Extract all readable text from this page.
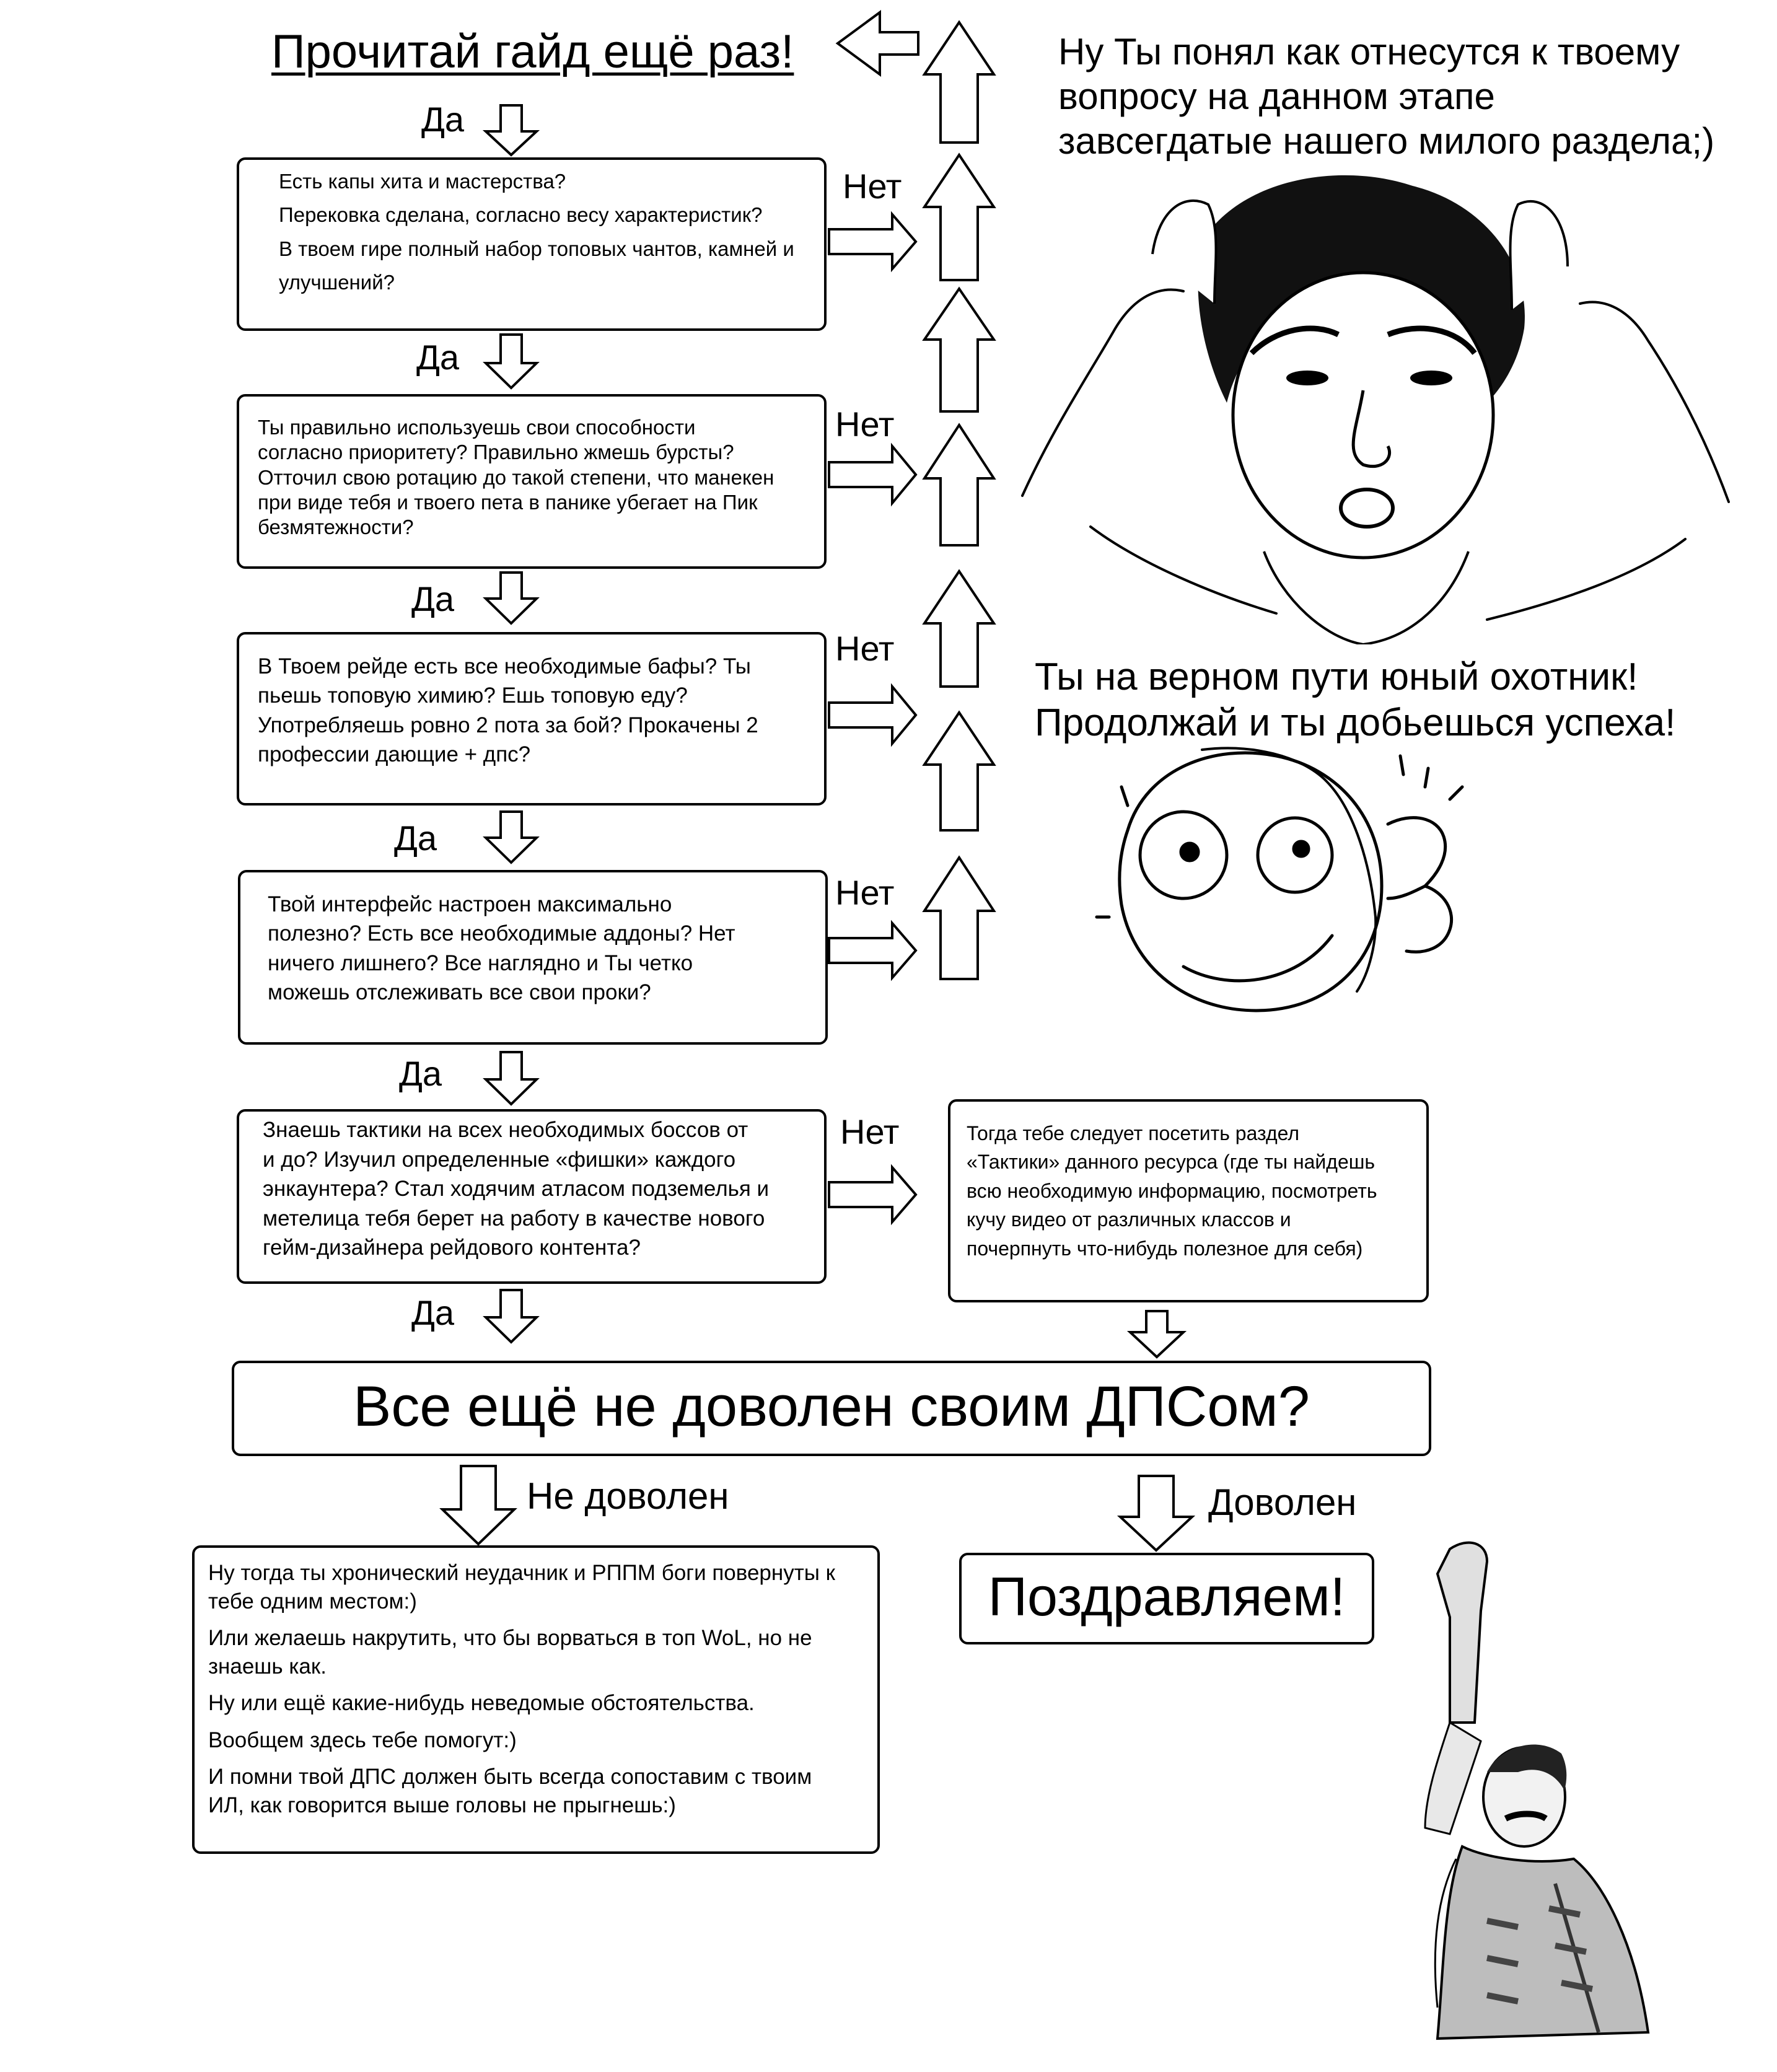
Прочитай гайд ещё раз!
Да
Да
Да
Да
Да
Да
Нет
Нет
Нет
Нет
Нет
Есть капы хита и мастерства?
Перековка сделана, согласно весу характеристик?
В твоем гире полный набор топовых чантов, камней и
улучшений?
Ты правильно используешь свои способности
согласно приоритету? Правильно жмешь бурсты?
Отточил свою ротацию до такой степени, что манекен
при виде тебя и твоего пета в панике убегает на Пик
безмятежности?
В Твоем рейде есть все необходимые бафы? Ты
пьешь топовую химию? Ешь топовую еду?
Употребляешь ровно 2 пота за бой? Прокачены 2
профессии дающие + дпс?
Твой интерфейс настроен максимально
полезно? Есть все необходимые аддоны? Нет
ничего лишнего? Все наглядно и Ты четко
можешь отслеживать все свои проки?
Знаешь тактики на всех необходимых боссов от
и до? Изучил определенные «фишки» каждого
энкаунтера? Стал ходячим атласом подземелья и
метелица тебя берет на работу в качестве нового
гейм-дизайнера рейдового контента?
Тогда тебе следует посетить раздел
«Тактики» данного ресурса (где ты найдешь
всю необходимую информацию, посмотреть
кучу видео от различных классов и
почерпнуть что-нибудь полезное для себя)
Все ещё не доволен своим ДПСом?
Не доволен	Доволен
Поздравляем!
Ну тогда ты хронический неудачник и РППМ боги повернуты к
тебе одним местом:)
Или желаешь накрутить, что бы ворваться в топ WoL, но не
знаешь как.
Ну или ещё какие-нибудь неведомые обстоятельства.
Вообщем здесь тебе помогут:)
И помни твой ДПС должен быть всегда сопоставим с твоим
ИЛ, как говорится выше головы не прыгнешь:)
Ну Ты понял как отнесутся к твоему
вопросу на данном этапе
завсегдатые нашего милого раздела;)
Ты на верном пути юный охотник!
Продолжай и ты добьешься успеха!
